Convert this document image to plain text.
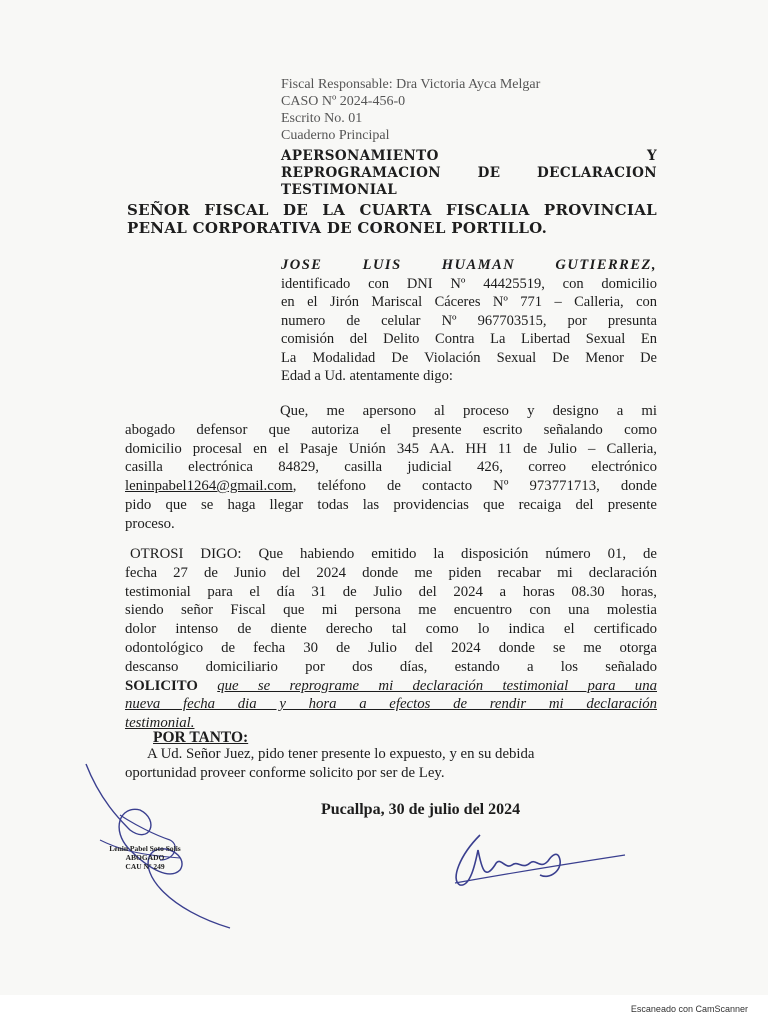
Fiscal Responsable: Dra Victoria Ayca Melgar
CASO Nº 2024-456-0
Escrito No. 01
Cuaderno Principal
APERSONAMIENTO	Y
REPROGRAMACION DE DECLARACION
TESTIMONIAL
SEÑOR FISCAL DE LA CUARTA FISCALIA PROVINCIAL
PENAL CORPORATIVA DE CORONEL PORTILLO.
JOSE LUIS HUAMAN GUTIERREZ,
identificado con DNI Nº 44425519, con domicilio
en el Jirón Mariscal Cáceres Nº 771 – Calleria, con
numero de celular Nº 967703515, por presunta
comisión del Delito Contra La Libertad Sexual En
La Modalidad De Violación Sexual De Menor De
Edad a Ud. atentamente digo:
Que, me apersono al proceso y designo a mi
abogado defensor que autoriza el presente escrito señalando como
domicilio procesal en el Pasaje Unión 345 AA. HH 11 de Julio – Calleria,
casilla electrónica 84829, casilla judicial 426, correo electrónico
leninpabel1264@gmail.com, teléfono de contacto Nº 973771713, donde
pido que se haga llegar todas las providencias que recaiga del presente
proceso.
OTROSI DIGO: Que habiendo emitido la disposición número 01, de
fecha 27 de Junio del 2024 donde me piden recabar mi declaración
testimonial para el día 31 de Julio del 2024 a horas 08.30 horas,
siendo señor Fiscal que mi persona me encuentro con una molestia
dolor intenso de diente derecho tal como lo indica el certificado
odontológico de fecha 30 de Julio del 2024 donde se me otorga
descanso domiciliario por dos días, estando a los señalado
SOLICITO que se reprograme mi declaración testimonial para una
nueva fecha dia y hora a efectos de rendir mi declaración
testimonial.
POR TANTO:
A Ud. Señor Juez, pido tener presente lo expuesto, y en su debida
oportunidad proveer conforme solicito por ser de Ley.
Pucallpa, 30 de julio del 2024
Lenin Pabel Soto Solis
ABOGADO
CAU Nº 249
Escaneado con CamScanner
